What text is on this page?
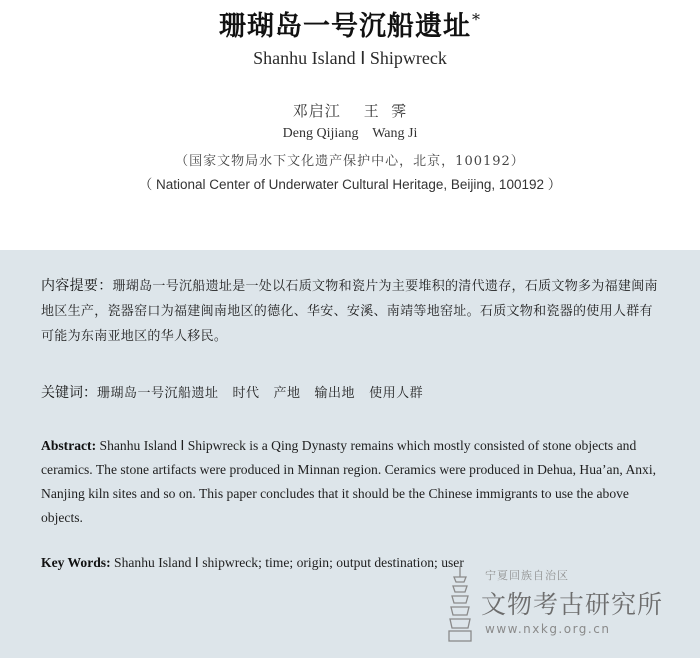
珊瑚岛一号沉船遗址*
Shanhu Island Ⅰ Shipwreck
邓启江    王  霁
Deng Qijiang    Wang Ji
（国家文物局水下文化遗产保护中心，北京，100192）
（ National Center of Underwater Cultural Heritage, Beijing, 100192 ）
内容提要：珊瑚岛一号沉船遗址是一处以石质文物和瓷片为主要堆积的清代遗存，石质文物多为福建闽南地区生产，瓷器窑口为福建闽南地区的德化、华安、安溪、南靖等地窑址。石质文物和瓷器的使用人群有可能为东南亚地区的华人移民。
关键词：珊瑚岛一号沉船遗址 时代 产地 输出地 使用人群
Abstract: Shanhu Island Ⅰ Shipwreck is a Qing Dynasty remains which mostly consisted of stone objects and ceramics. The stone artifacts were produced in Minnan region. Ceramics were produced in Dehua, Hua’an, Anxi, Nanjing kiln sites and so on. This paper concludes that it should be the Chinese immigrants to use the above objects.
Key Words: Shanhu Island Ⅰ shipwreck; time; origin; output destination; user
宁夏回族自治区
文物考古研究所
www.nxkg.org.cn
